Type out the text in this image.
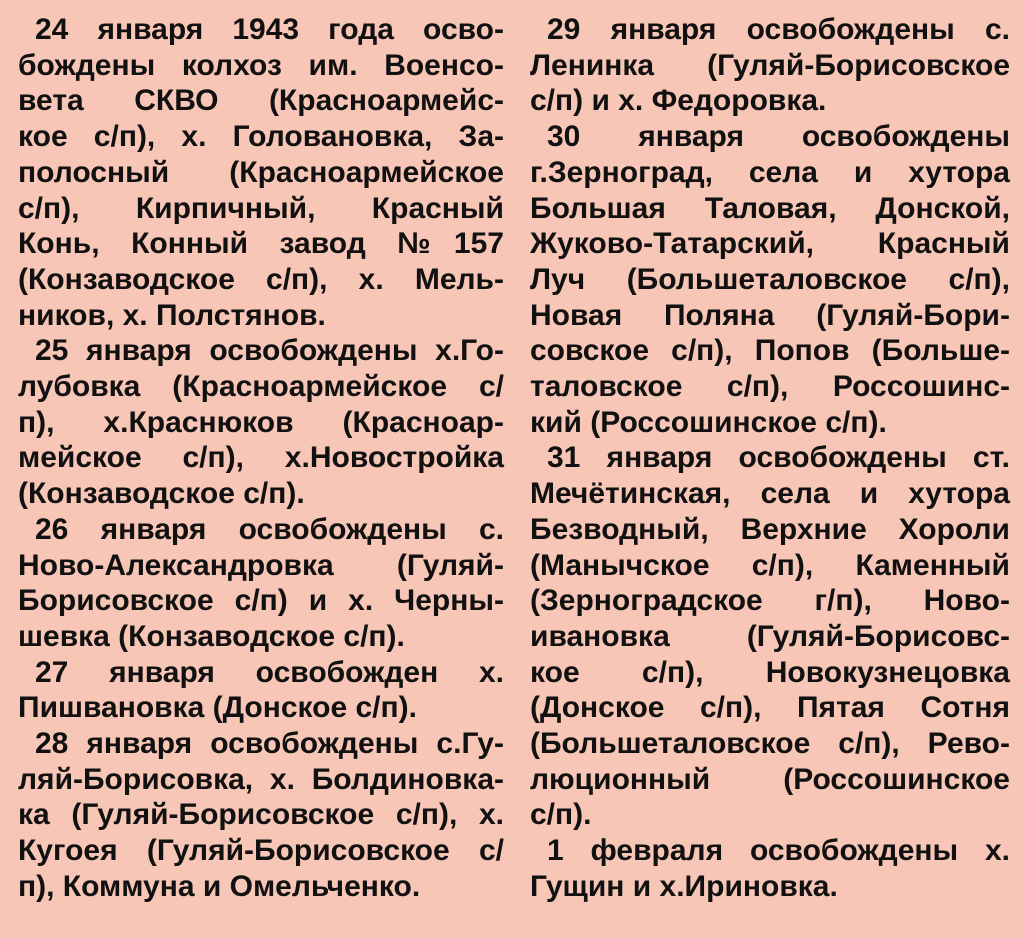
24 января 1943 года осво-
бождены колхоз им. Военсо-
вета СКВО (Красноармейс-
кое с/п), х. Головановка, За-
полосный (Красноармейское
с/п), Кирпичный, Красный
Конь, Конный завод №157
(Конзаводское с/п), х. Мель-
ников, х. Полстянов.

25 января освобождены х.Го-
лубовка (Красноармейское с/
п), х.Краснюков (Красноар-
мейское с/п), х.Новостройка
(Конзаводское с/п).

26 января освобождены с.
Ново-Александровка (Гуляй-
Борисовское с/п) и х. Черны-
шевка (Конзаводское с/п).

27 января освобожден х.
Пишвановка (Донское с/п).

28 января освобождены с.Гу-
ляй-Борисовка, х. Болдиновка-
ка (Гуляй-Борисовское с/п), х.
Кугоея (Гуляй-Борисовское с/
п), Коммуна и Омельченко.

29 января освобождены с.
Ленинка (Гуляй-Борисовское
с/п) и х. Федоровка.

30 января освобождены
г.Зерноград, села и хутора
Большая Таловая, Донской,
Жуково-Татарский, Красный
Луч (Большеталовское с/п),
Новая Поляна (Гуляй-Бори-
совское с/п), Попов (Больше-
таловское с/п), Россошинс-
кий (Россошинское с/п).

31 января освобождены ст.
Мечётинская, села и хутора
Безводный, Верхние Хороли
(Манычское с/п), Каменный
(Зерноградское г/п), Ново-
ивановка (Гуляй-Борисовс-
кое с/п), Новокузнецовка
(Донское с/п), Пятая Сотня
(Большеталовское с/п), Рево-
люционный (Россошинское
с/п).

1 февраля освобождены х.
Гущин и х.Ириновка.
